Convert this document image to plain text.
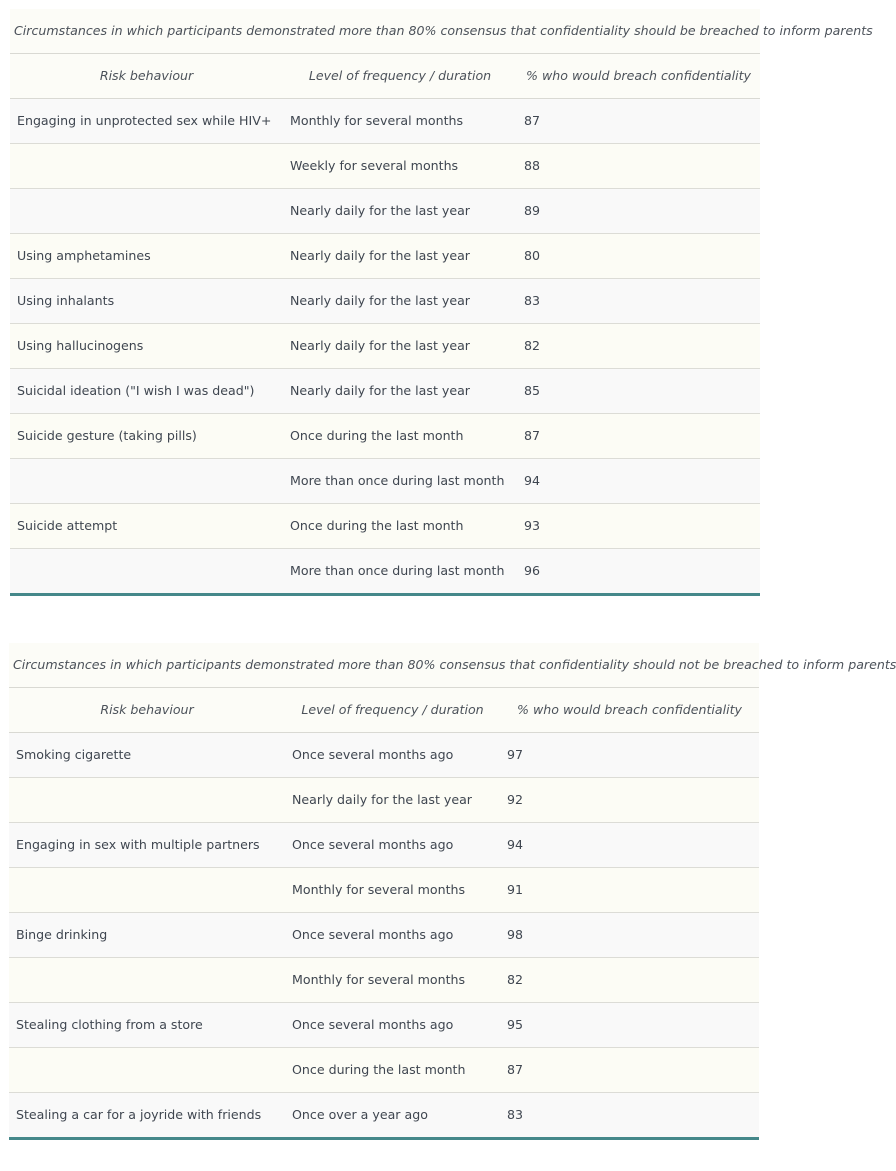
Circumstances in which participants demonstrated more than 80% consensus that confidentiality should be breached to inform parents		
Risk behaviour	Level of frequency / duration	% who would breach confidentiality
Engaging in unprotected sex while HIV+	Monthly for several months	87
	Weekly for several months	88
	Nearly daily for the last year	89
Using amphetamines	Nearly daily for the last year	80
Using inhalants	Nearly daily for the last year	83
Using hallucinogens	Nearly daily for the last year	82
Suicidal ideation ("I wish I was dead")	Nearly daily for the last year	85
Suicide gesture (taking pills)	Once during the last month	87
	More than once during last month	94
Suicide attempt	Once during the last month	93
	More than once during last month	96
Circumstances in which participants demonstrated more than 80% consensus that confidentiality should not be breached to inform parents		
Risk behaviour	Level of frequency / duration	% who would breach confidentiality
Smoking cigarette	Once several months ago	97
	Nearly daily for the last year	92
Engaging in sex with multiple partners	Once several months ago	94
	Monthly for several months	91
Binge drinking	Once several months ago	98
	Monthly for several months	82
Stealing clothing from a store	Once several months ago	95
	Once during the last month	87
Stealing a car for a joyride with friends	Once over a year ago	83
